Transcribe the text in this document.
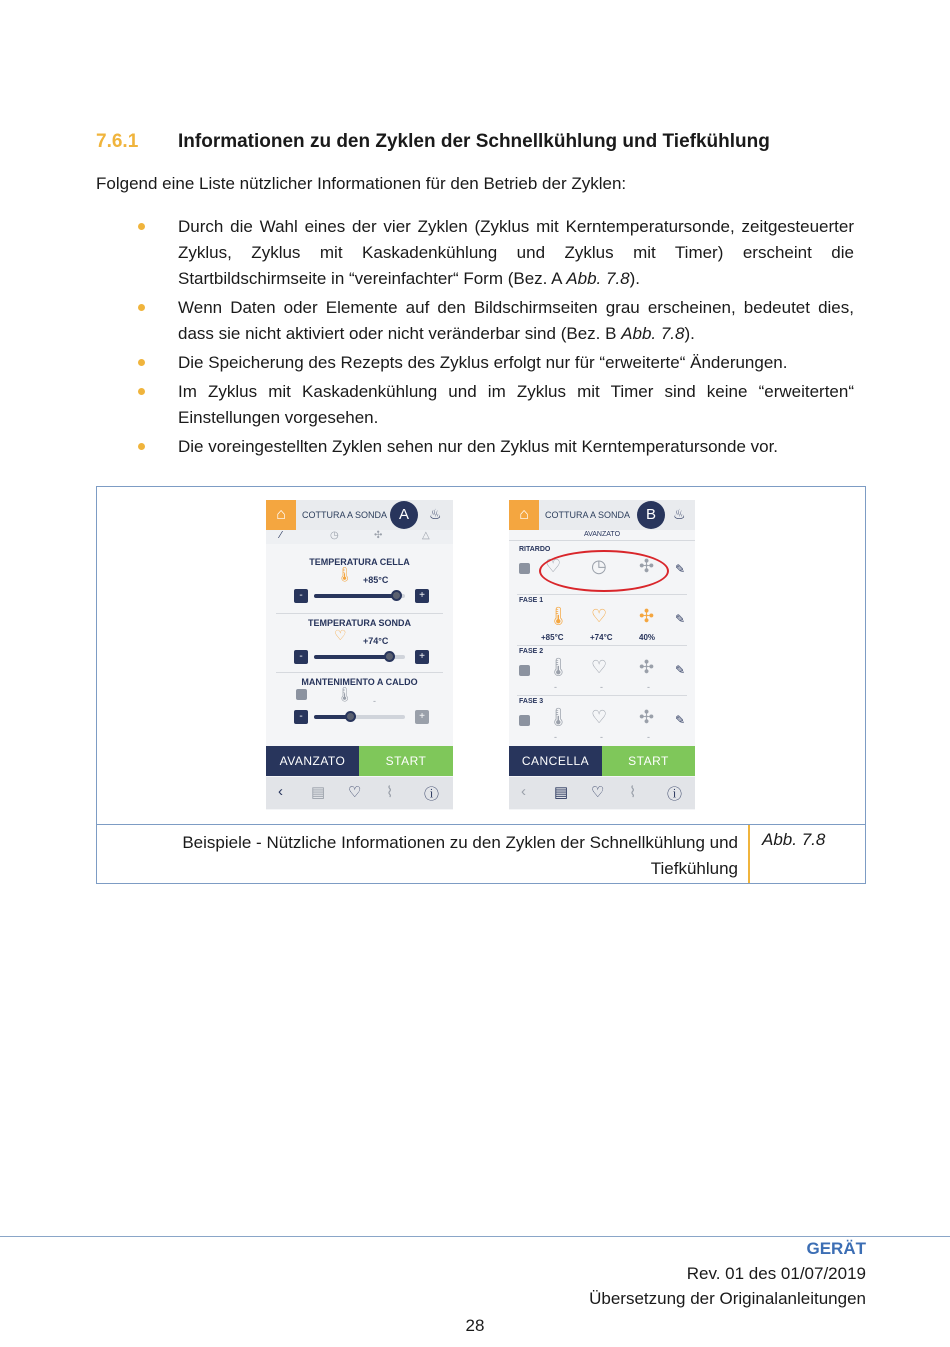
7.6.1 Informationen zu den Zyklen der Schnellkühlung und Tiefkühlung
Folgend eine Liste nützlicher Informationen für den Betrieb der Zyklen:
Durch die Wahl eines der vier Zyklen (Zyklus mit Kerntemperatursonde, zeitgesteuerter Zyklus, Zyklus mit Kaskadenkühlung und Zyklus mit Timer) erscheint die Startbildschirmseite in “vereinfachter“ Form (Bez. A Abb. 7.8).
Wenn Daten oder Elemente auf den Bildschirmseiten grau erscheinen, bedeutet dies, dass sie nicht aktiviert oder nicht veränderbar sind (Bez. B Abb. 7.8).
Die Speicherung des Rezepts des Zyklus erfolgt nur für “erweiterte“ Änderungen.
Im Zyklus mit Kaskadenkühlung und im Zyklus mit Timer sind keine “erweiterten“ Einstellungen vorgesehen.
Die voreingestellten Zyklen sehen nur den Zyklus mit Kerntemperatursonde vor.
⌂	COTTURA A SONDA A	♨
⁄	◷	✣	△
TEMPERATURA CELLA
🌡 +85°C
-	+
TEMPERATURA SONDA
♡ +74°C
-	+
MANTENIMENTO A CALDO
🌡 -
-	+
AVANZATO	START
‹ ▤ ♡ ⌇ ⓘ
⌂	COTTURA A SONDA	B	♨
AVANZATO
RITARDO
♡ ◷ ✣ ✎
FASE 1
🌡 ♡ ✣ ✎
+85°C	+74°C	40%
FASE 2
🌡 ♡ ✣ ✎
-	-	-
FASE 3
🌡 ♡ ✣ ✎
-	-	-
CANCELLA	START
‹ ▤ ♡ ⌇ ⓘ
Beispiele - Nützliche Informationen zu den Zyklen der Schnellkühlung und Tiefkühlung
Abb. 7.8
GERÄT
Rev. 01 des 01/07/2019
Übersetzung der Originalanleitungen
28
